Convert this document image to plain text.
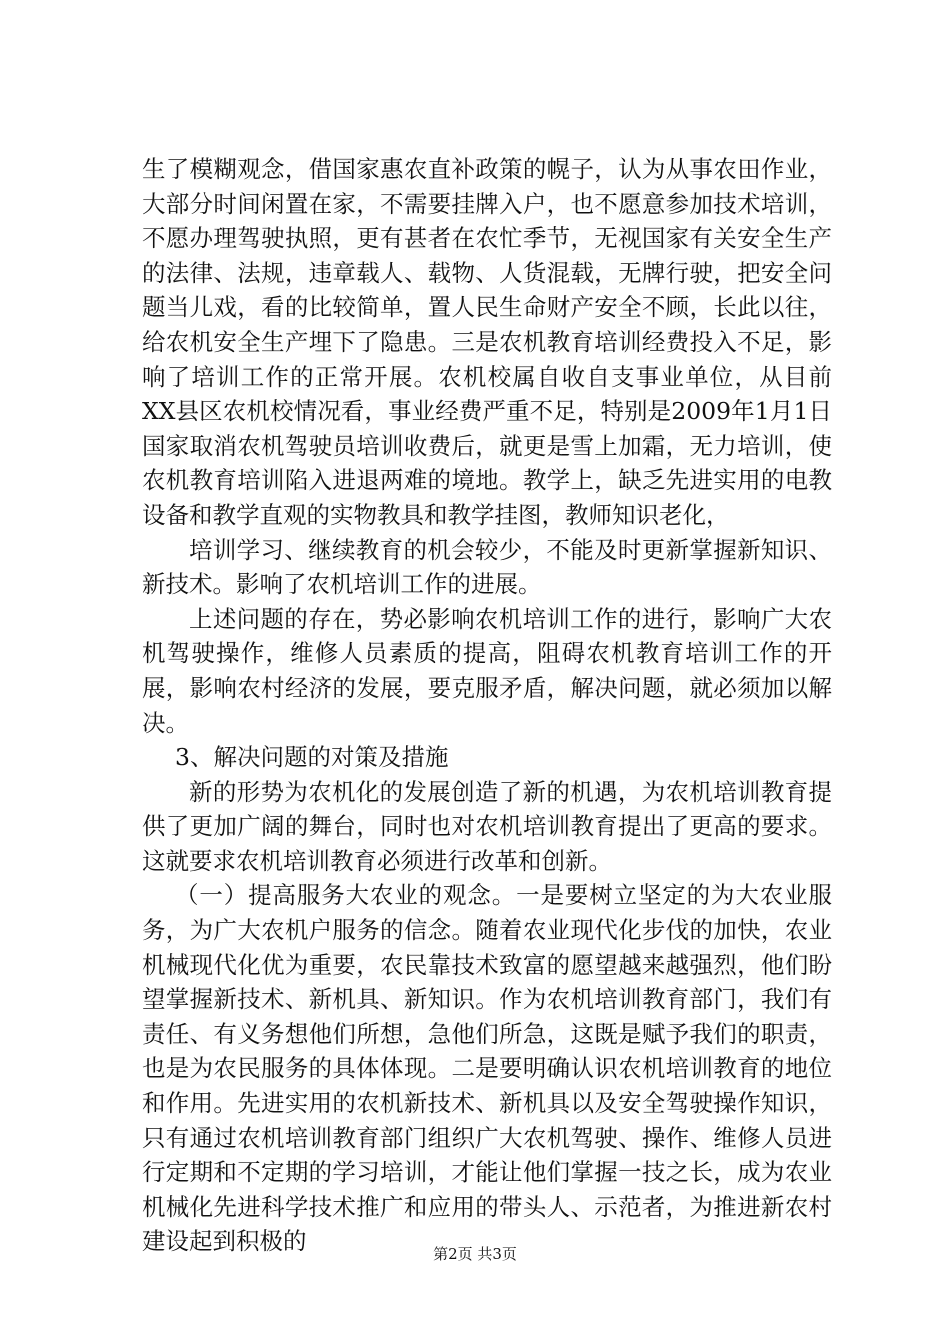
生了模糊观念，借国家惠农直补政策的幌子，认为从事农田作业，大部分时间闲置在家，不需要挂牌入户，也不愿意参加技术培训，不愿办理驾驶执照，更有甚者在农忙季节，无视国家有关安全生产的法律、法规，违章载人、载物、人货混载，无牌行驶，把安全问题当儿戏，看的比较简单，置人民生命财产安全不顾，长此以往，给农机安全生产埋下了隐患。三是农机教育培训经费投入不足，影响了培训工作的正常开展。农机校属自收自支事业单位，从目前XX县区农机校情况看，事业经费严重不足，特别是2009年1月1日国家取消农机驾驶员培训收费后，就更是雪上加霜，无力培训，使农机教育培训陷入进退两难的境地。教学上，缺乏先进实用的电教设备和教学直观的实物教具和教学挂图，教师知识老化，

培训学习、继续教育的机会较少，不能及时更新掌握新知识、新技术。影响了农机培训工作的进展。

上述问题的存在，势必影响农机培训工作的进行，影响广大农机驾驶操作，维修人员素质的提高，阻碍农机教育培训工作的开展，影响农村经济的发展，要克服矛盾，解决问题，就必须加以解决。

3、解决问题的对策及措施

新的形势为农机化的发展创造了新的机遇，为农机培训教育提供了更加广阔的舞台，同时也对农机培训教育提出了更高的要求。这就要求农机培训教育必须进行改革和创新。

（一）提高服务大农业的观念。一是要树立坚定的为大农业服务，为广大农机户服务的信念。随着农业现代化步伐的加快，农业机械现代化优为重要，农民靠技术致富的愿望越来越强烈，他们盼望掌握新技术、新机具、新知识。作为农机培训教育部门，我们有责任、有义务想他们所想，急他们所急，这既是赋予我们的职责，也是为农民服务的具体体现。二是要明确认识农机培训教育的地位和作用。先进实用的农机新技术、新机具以及安全驾驶操作知识，只有通过农机培训教育部门组织广大农机驾驶、操作、维修人员进行定期和不定期的学习培训，才能让他们掌握一技之长，成为农业机械化先进科学技术推广和应用的带头人、示范者，为推进新农村建设起到积极的	第2页 共3页
